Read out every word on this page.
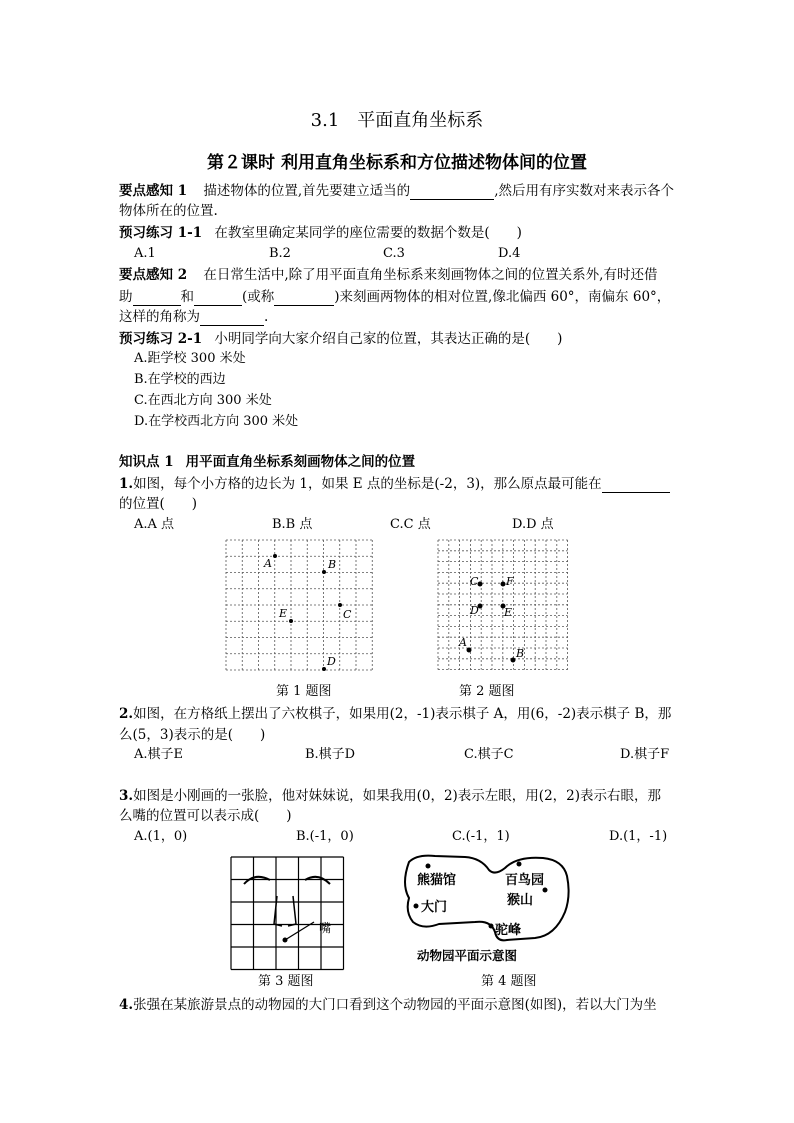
3.1　平面直角坐标系
第２课时 利用直角坐标系和方位描述物体间的位置
要点感知 1 描述物体的位置,首先要建立适当的	,然后用有序实数对来表示各个
物体所在的位置.
预习练习 1-1 在教室里确定某同学的座位需要的数据个数是(　　)
A.1	B.2	C.3	D.4
要点感知 2 在日常生活中,除了用平面直角坐标系来刻画物体之间的位置关系外,有时还借
助	和	(或称	)来刻画两物体的相对位置,像北偏西 60°，南偏东 60°，
这样的角称为	.
预习练习 2-1 小明同学向大家介绍自己家的位置，其表达正确的是(　　)
A.距学校 300 米处
B.在学校的西边
C.在西北方向 300 米处
D.在学校西北方向 300 米处
知识点 1 用平面直角坐标系刻画物体之间的位置
1.如图，每个小方格的边长为 1，如果 E 点的坐标是(-2，3)，那么原点最可能在
的位置(　　)
A.A 点	B.B 点	C.C 点	D.D 点
A	B
C
D
E
第 1 题图
C	F
D E
A
B
第 2 题图
2.如图，在方格纸上摆出了六枚棋子，如果用(2，-1)表示棋子 A，用(6，-2)表示棋子 B，那
么(5，3)表示的是(　　)
A.棋子E	B.棋子D	C.棋子C	D.棋子F
3.如图是小刚画的一张脸，他对妹妹说，如果我用(0，2)表示左眼，用(2，2)表示右眼，那
么嘴的位置可以表示成(　　)
A.(1，0)	B.(-1，0)	C.(-1，1)	D.(1，-1)
嘴
第 3 题图
熊猫馆	百鸟园
猴山
大门
驼峰
动物园平面示意图
第 4 题图
4.张强在某旅游景点的动物园的大门口看到这个动物园的平面示意图(如图)，若以大门为坐
